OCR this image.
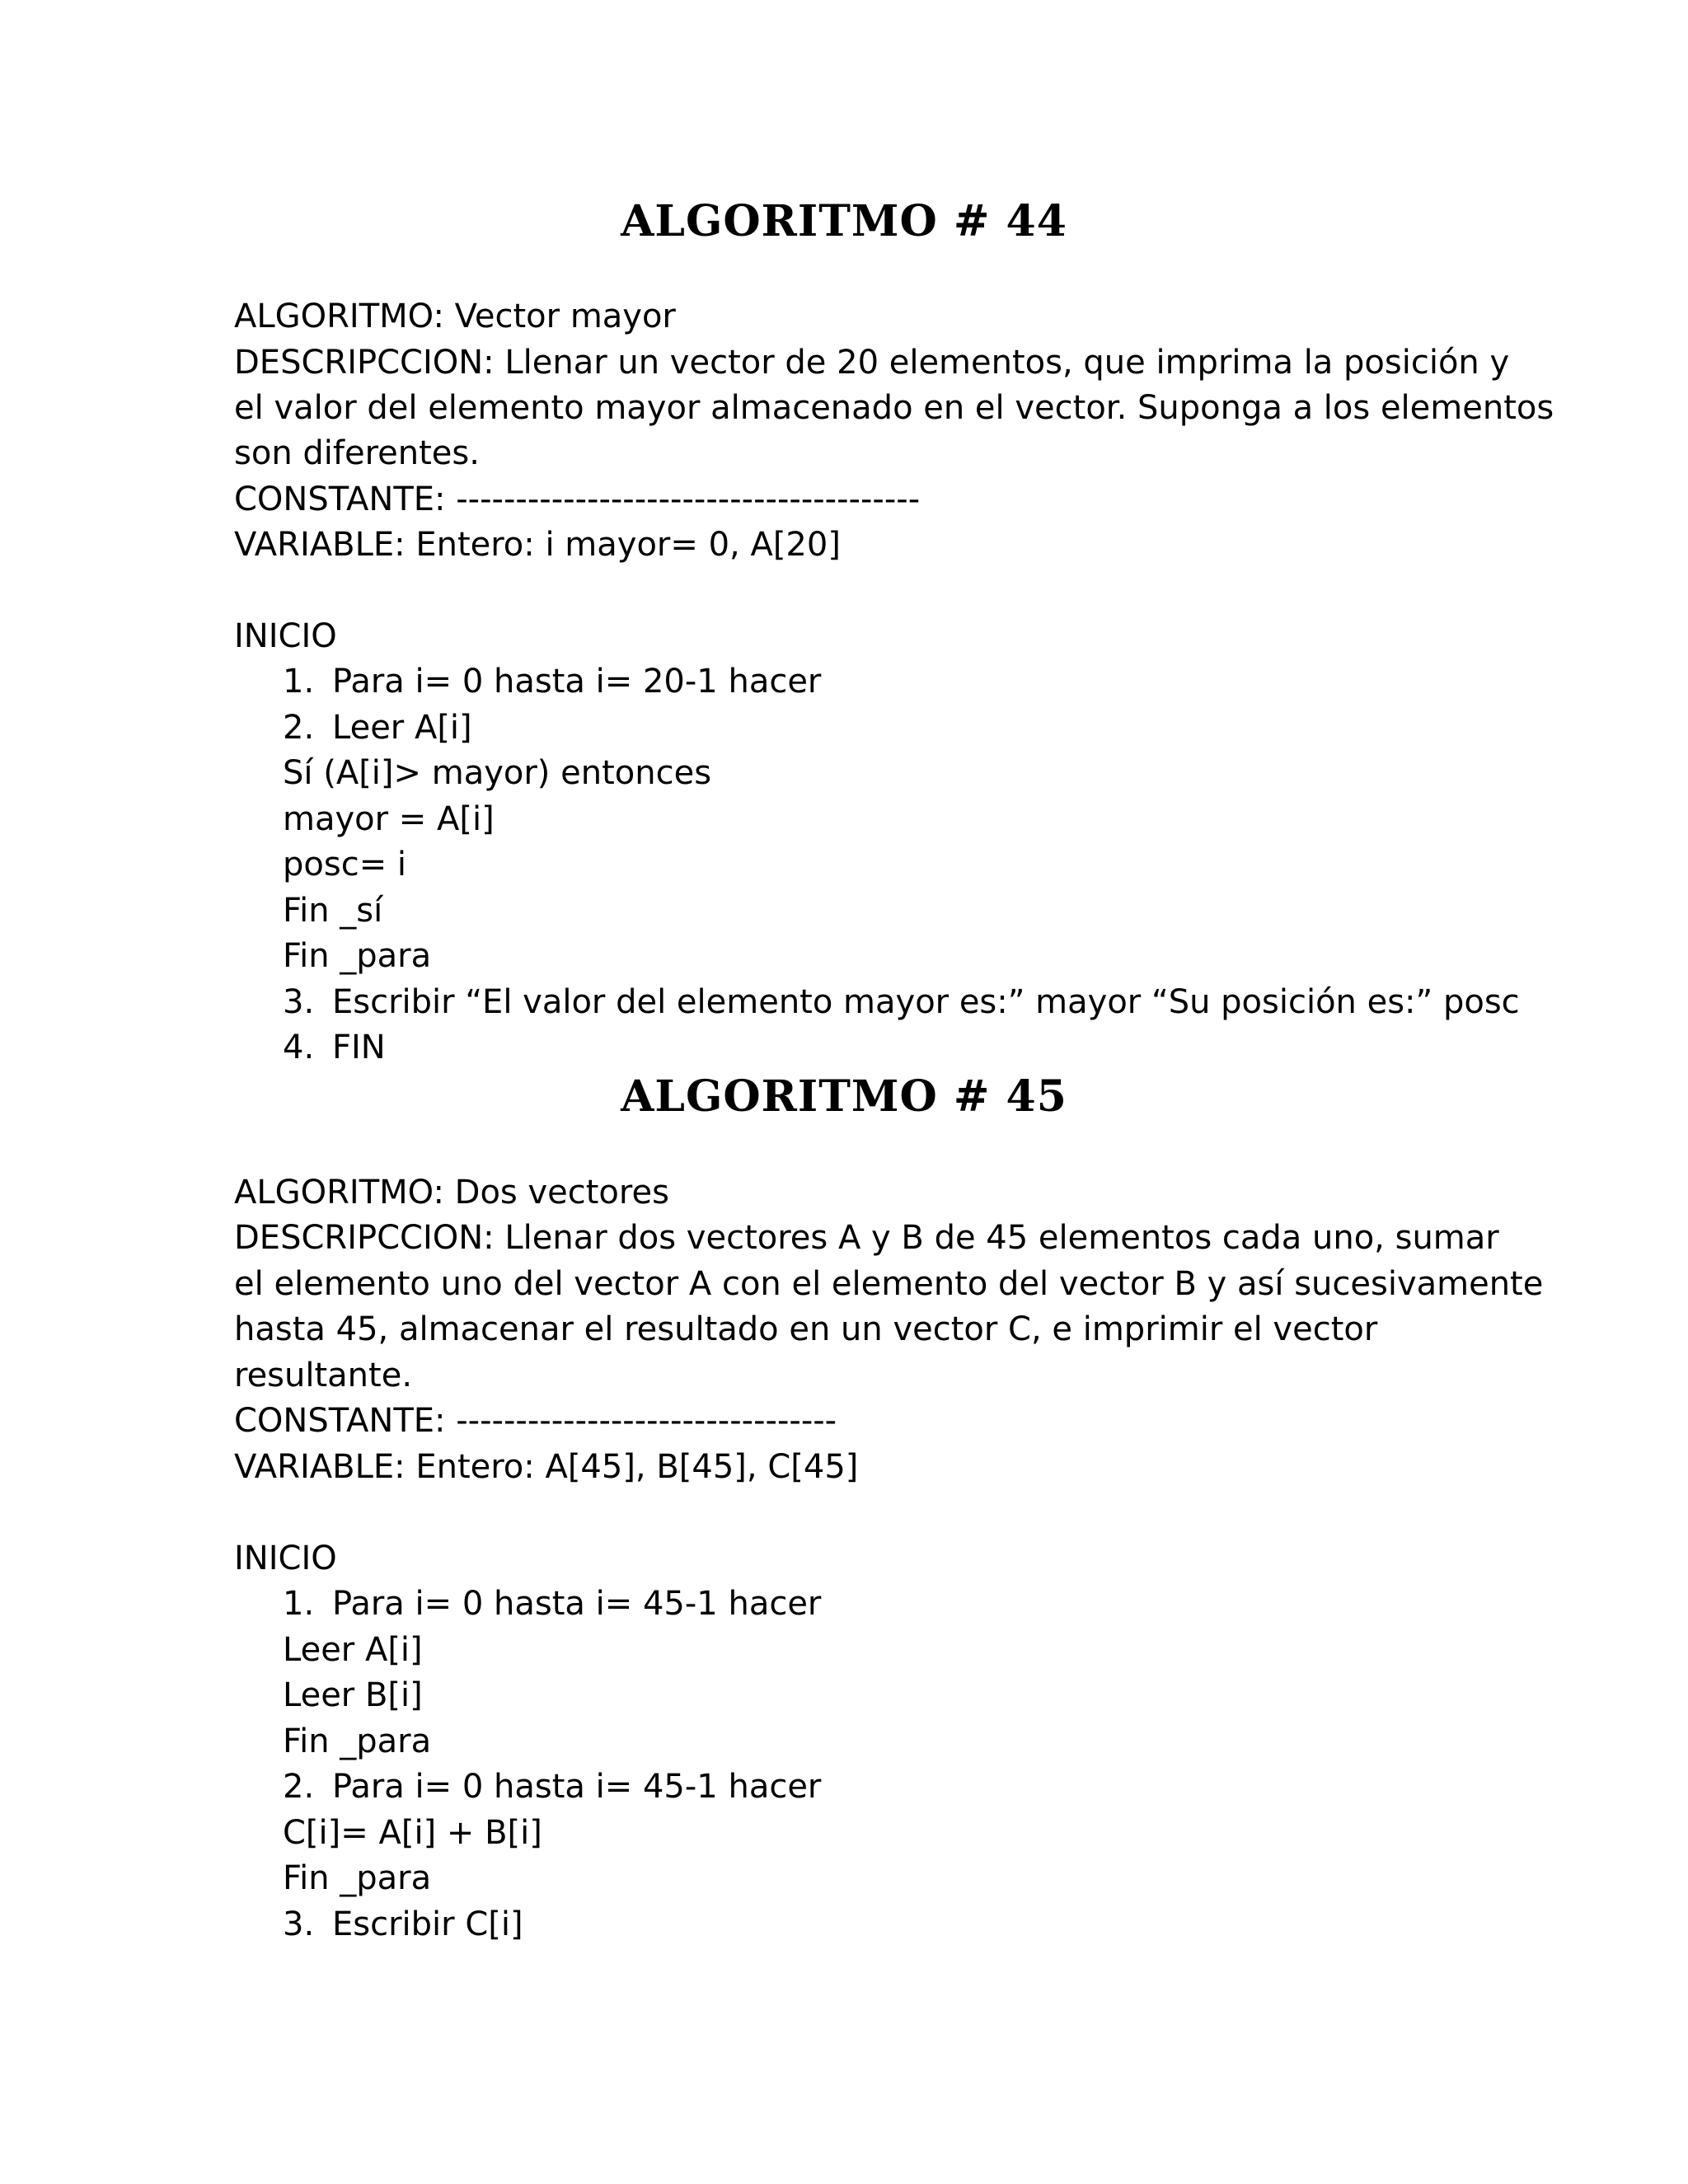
ALGORITMO # 44
ALGORITMO: Vector mayor
DESCRIPCCION: Llenar un vector de 20 elementos, que imprima la posición y
el valor del elemento mayor almacenado en el vector. Suponga a los elementos
son diferentes.
CONSTANTE: ---------------------------------------
VARIABLE: Entero: i mayor= 0, A[20]
INICIO
1. Para i= 0 hasta i= 20-1 hacer
2. Leer A[i]
Sí (A[i]> mayor) entonces
mayor = A[i]
posc= i
Fin _sí
Fin _para
3. Escribir “El valor del elemento mayor es:” mayor “Su posición es:” posc
4. FIN
ALGORITMO # 45
ALGORITMO: Dos vectores
DESCRIPCCION: Llenar dos vectores A y B de 45 elementos cada uno, sumar
el elemento uno del vector A con el elemento del vector B y así sucesivamente
hasta 45, almacenar el resultado en un vector C, e imprimir el vector
resultante.
CONSTANTE: --------------------------------
VARIABLE: Entero: A[45], B[45], C[45]
INICIO
1. Para i= 0 hasta i= 45-1 hacer
Leer A[i]
Leer B[i]
Fin _para
2. Para i= 0 hasta i= 45-1 hacer
C[i]= A[i] + B[i]
Fin _para
3. Escribir C[i]
